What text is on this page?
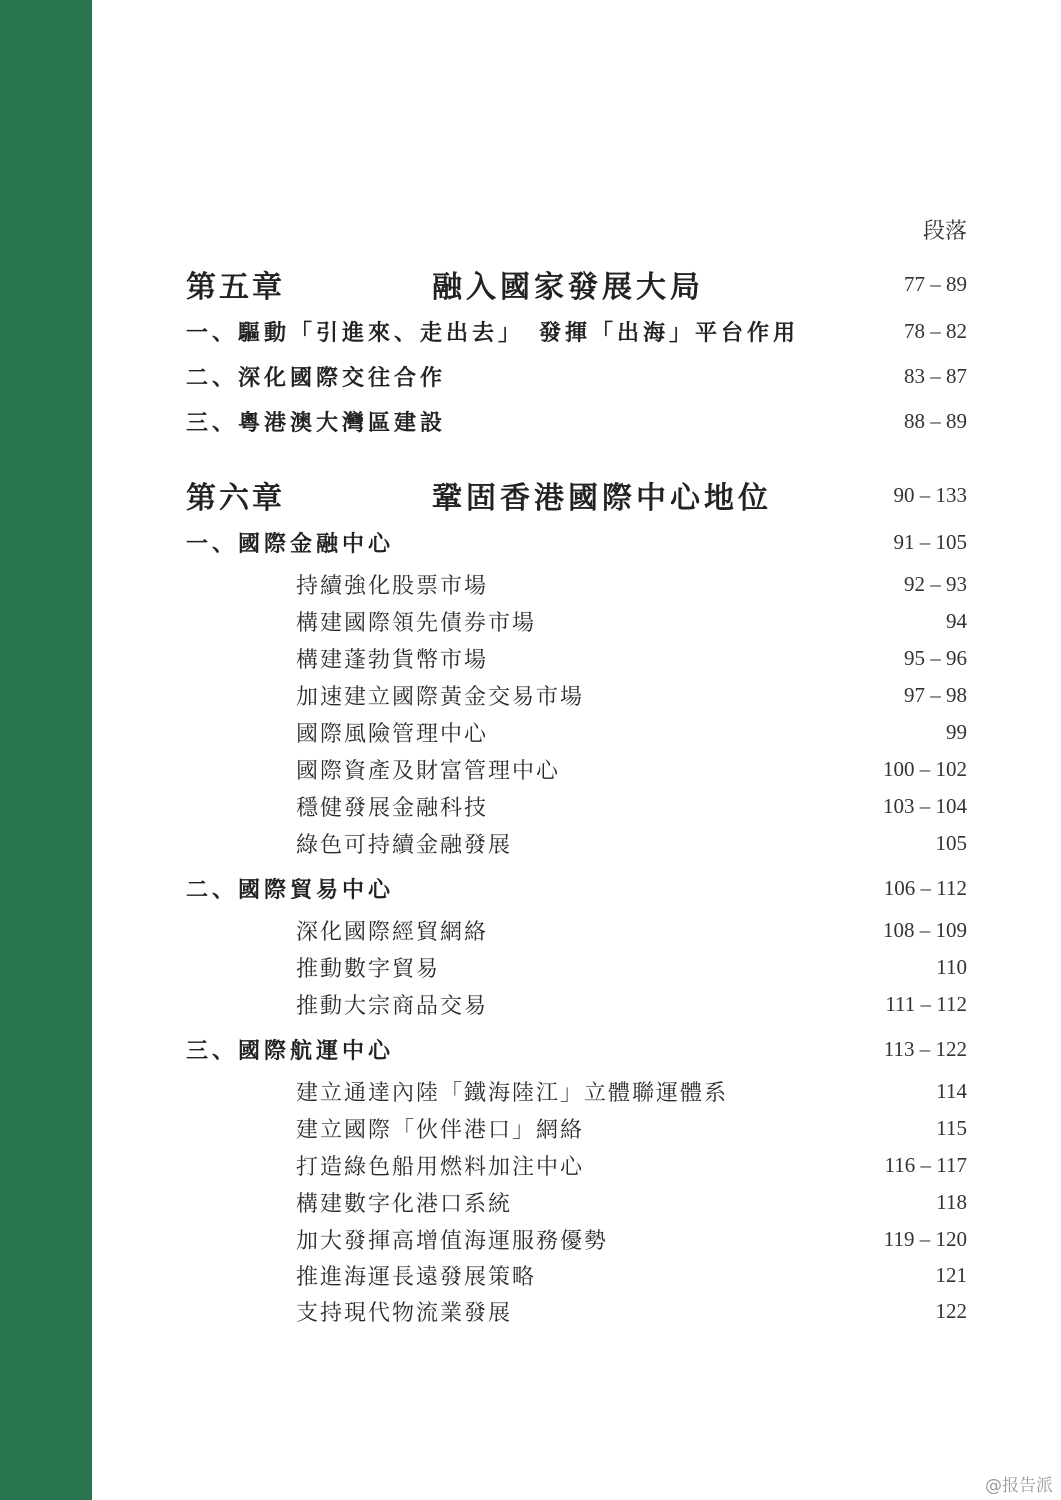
段落
第五章	融入國家發展大局	77 – 89
一、驅動「引進來、走出去」　發揮「出海」平台作用	78 – 82
二、深化國際交往合作	83 – 87
三、粵港澳大灣區建設	88 – 89
第六章	鞏固香港國際中心地位	90 – 133
一、國際金融中心	91 – 105
持續強化股票市場	92 – 93
構建國際領先債券市場	94
構建蓬勃貨幣市場	95 – 96
加速建立國際黃金交易市場	97 – 98
國際風險管理中心	99
國際資產及財富管理中心	100 – 102
穩健發展金融科技	103 – 104
綠色可持續金融發展	105
二、國際貿易中心	106 – 112
深化國際經貿網絡	108 – 109
推動數字貿易	110
推動大宗商品交易	111 – 112
三、國際航運中心	113 – 122
建立通達內陸「鐵海陸江」立體聯運體系	114
建立國際「伙伴港口」網絡	115
打造綠色船用燃料加注中心	116 – 117
構建數字化港口系統	118
加大發揮高增值海運服務優勢	119 – 120
推進海運長遠發展策略	121
支持現代物流業發展	122
@报告派
